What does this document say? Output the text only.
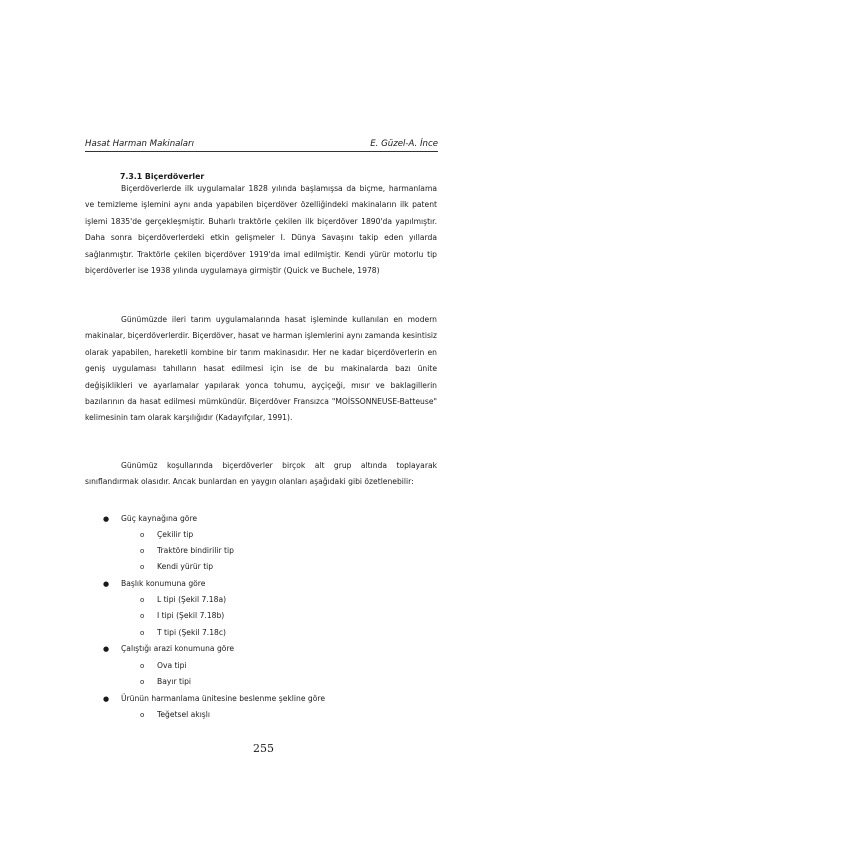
Hasat Harman Makinaları	E. Güzel-A. İnce
7.3.1 Biçerdöverler

Biçerdöverlerde ilk uygulamalar 1828 yılında başlamışsa da biçme, harmanlama ve temizleme işlemini aynı anda yapabilen biçerdöver özelliğindeki makinaların ilk patent işlemi 1835'de gerçekleşmiştir. Buharlı traktörle çekilen ilk biçerdöver 1890'da yapılmıştır. Daha sonra biçerdöverlerdeki etkin gelişmeler I. Dünya Savaşını takip eden yıllarda sağlanmıştır. Traktörle çekilen biçerdöver 1919'da imal edilmiştir. Kendi yürür motorlu tip biçerdöverler ise 1938 yılında uygulamaya girmiştir (Quick ve Buchele, 1978)

Günümüzde ileri tarım uygulamalarında hasat işleminde kullanılan en modern makinalar, biçerdöverlerdir. Biçerdöver, hasat ve harman işlemlerini aynı zamanda kesintisiz olarak yapabilen, hareketli kombine bir tarım makinasıdır. Her ne kadar biçerdöverlerin en geniş uygulaması tahılların hasat edilmesi için ise de bu makinalarda bazı ünite değişiklikleri ve ayarlamalar yapılarak yonca tohumu, ayçiçeği, mısır ve baklagillerin bazılarının da hasat edilmesi mümkündür. Biçerdöver Fransızca "MOİSSONNEUSE-Batteuse" kelimesinin tam olarak karşılığıdır (Kadayıfçılar, 1991).

Günümüz koşullarında biçerdöverler birçok alt grup altında toplayarak sınıflandırmak olasıdır. Ancak bunlardan en yaygın olanları aşağıdaki gibi özetlenebilir:

● Güç kaynağına göre
o Çekilir tip
o Traktöre bindirilir tip
o Kendi yürür tip
● Başlık konumuna göre
o L tipi (Şekil 7.18a)
o I tipi (Şekil 7.18b)
o T tipi (Şekil 7.18c)
● Çalıştığı arazi konumuna göre
o Ova tipi
o Bayır tipi
● Ürünün harmanlama ünitesine beslenme şekline göre
o Teğetsel akışlı
255
